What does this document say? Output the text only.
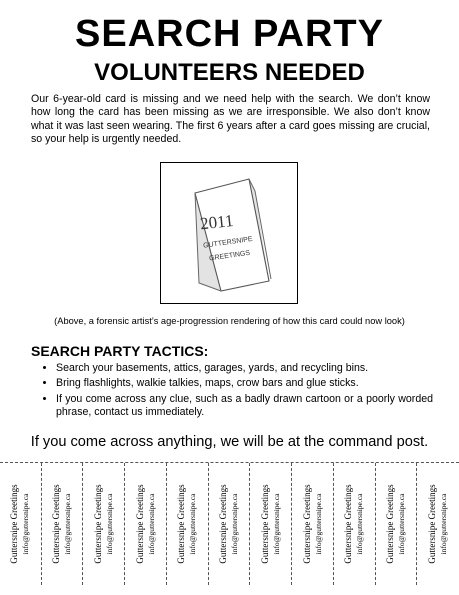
SEARCH PARTY
VOLUNTEERS NEEDED

Our 6-year-old card is missing and we need help with the search. We don’t know how long the card has been missing as we are irresponsible. We also don’t know what it was last seen wearing. The first 6 years after a card goes missing are crucial, so your help is urgently needed.

2011
GUTTERSNIPE
GREETINGS
(Above, a forensic artist’s age-progression rendering of how this card could now look)
SEARCH PARTY TACTICS:
• Search your basements, attics, garages, yards, and recycling bins.
• Bring flashlights, walkie talkies, maps, crow bars and glue sticks.
• If you come across any clue, such as a badly drawn cartoon or a poorly worded phrase, contact us immediately.
If you come across anything, we will be at the command post.
Guttersnipe Greetings info@guttersnipe.ca Guttersnipe Greetings info@guttersnipe.ca Guttersnipe Greetings info@guttersnipe.ca Guttersnipe Greetings info@guttersnipe.ca Guttersnipe Greetings info@guttersnipe.ca Guttersnipe Greetings info@guttersnipe.ca Guttersnipe Greetings info@guttersnipe.ca Guttersnipe Greetings info@guttersnipe.ca Guttersnipe Greetings info@guttersnipe.ca Guttersnipe Greetings info@guttersnipe.ca Guttersnipe Greetings info@guttersnipe.ca
